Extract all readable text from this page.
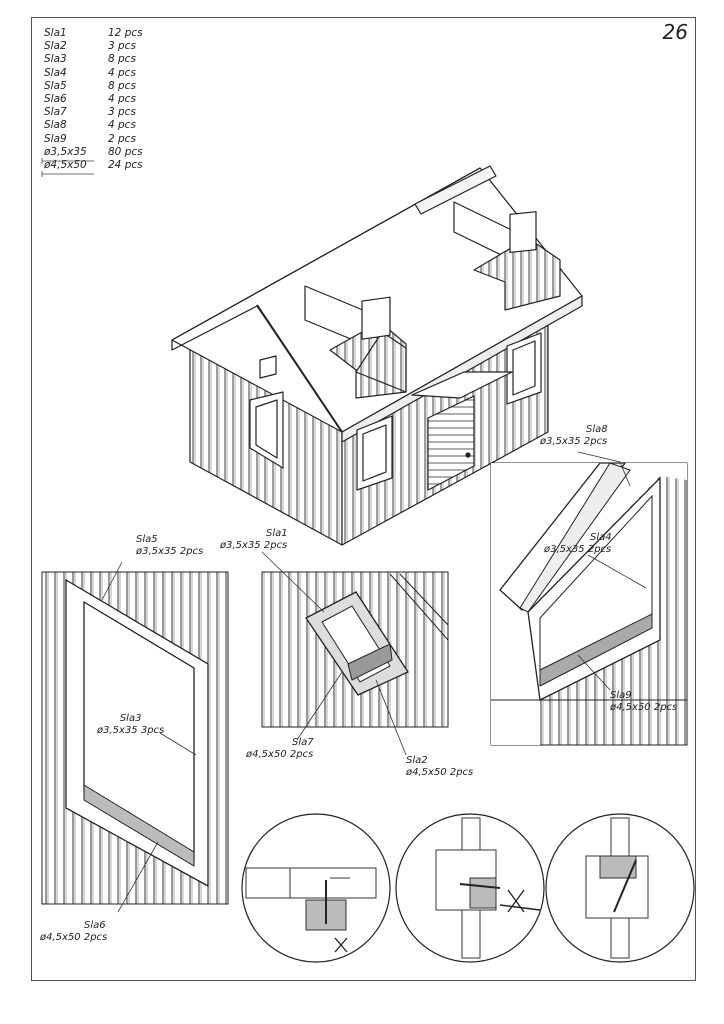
26
Sla1	12 pcs
Sla2	3 pcs
Sla3	8 pcs
Sla4	4 pcs
Sla5	8 pcs
Sla6	4 pcs
Sla7	3 pcs
Sla8	4 pcs
Sla9	2 pcs
ø3,5x35	80 pcs
ø4,5x50	24 pcs
Sla5
ø3,5x35 2pcs
Sla3
ø3,5x35 3pcs
Sla6
ø4,5x50 2pcs
Sla1
ø3,5x35 2pcs
Sla7
ø4,5x50 2pcs
Sla2
ø4,5x50 2pcs
Sla8
ø3,5x35 2pcs
Sla4
ø3,5x35 2pcs
Sla9
ø4,5x50 2pcs
